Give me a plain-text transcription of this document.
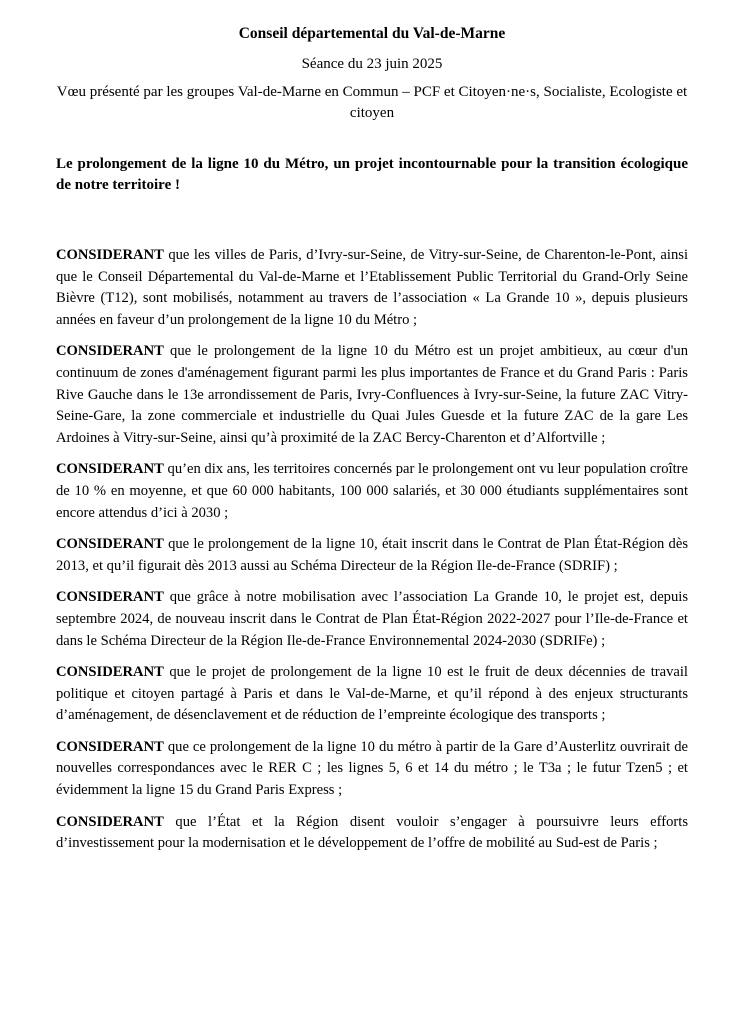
Conseil départemental du Val-de-Marne
Séance du 23 juin 2025
Vœu présenté par les groupes Val-de-Marne en Commun – PCF et Citoyen·ne·s, Socialiste, Ecologiste et citoyen
Le prolongement de la ligne 10 du Métro, un projet incontournable pour la transition écologique de notre territoire !

CONSIDERANT que les villes de Paris, d’Ivry-sur-Seine, de Vitry-sur-Seine, de Charenton-le-Pont, ainsi que le Conseil Départemental du Val-de-Marne et l’Etablissement Public Territorial du Grand-Orly Seine Bièvre (T12), sont mobilisés, notamment au travers de l’association « La Grande 10 », depuis plusieurs années en faveur d’un prolongement de la ligne 10 du Métro ;

CONSIDERANT que le prolongement de la ligne 10 du Métro est un projet ambitieux, au cœur d'un continuum de zones d'aménagement figurant parmi les plus importantes de France et du Grand Paris : Paris Rive Gauche dans le 13e arrondissement de Paris, Ivry-Confluences à Ivry-sur-Seine, la future ZAC Vitry-Seine-Gare, la zone commerciale et industrielle du Quai Jules Guesde et la future ZAC de la gare Les Ardoines à Vitry-sur-Seine, ainsi qu’à proximité de la ZAC Bercy-Charenton et d’Alfortville ;

CONSIDERANT qu’en dix ans, les territoires concernés par le prolongement ont vu leur population croître de 10 % en moyenne, et que 60 000 habitants, 100 000 salariés, et 30 000 étudiants supplémentaires sont encore attendus d’ici à 2030 ;

CONSIDERANT que le prolongement de la ligne 10, était inscrit dans le Contrat de Plan État-Région dès 2013, et qu’il figurait dès 2013 aussi au Schéma Directeur de la Région Ile-de-France (SDRIF) ;

CONSIDERANT que grâce à notre mobilisation avec l’association La Grande 10, le projet est, depuis septembre 2024, de nouveau inscrit dans le Contrat de Plan État-Région 2022-2027 pour l’Ile-de-France et dans le Schéma Directeur de la Région Ile-de-France Environnemental 2024-2030 (SDRIFe) ;

CONSIDERANT que le projet de prolongement de la ligne 10 est le fruit de deux décennies de travail politique et citoyen partagé à Paris et dans le Val-de-Marne, et qu’il répond à des enjeux structurants d’aménagement, de désenclavement et de réduction de l’empreinte écologique des transports ;

CONSIDERANT que ce prolongement de la ligne 10 du métro à partir de la Gare d’Austerlitz ouvrirait de nouvelles correspondances avec le RER C ; les lignes 5, 6 et 14 du métro ; le T3a ; le futur Tzen5 ; et évidemment la ligne 15 du Grand Paris Express ;

CONSIDERANT que l’État et la Région disent vouloir s’engager à poursuivre leurs efforts d’investissement pour la modernisation et le développement de l’offre de mobilité au Sud-est de Paris ;
